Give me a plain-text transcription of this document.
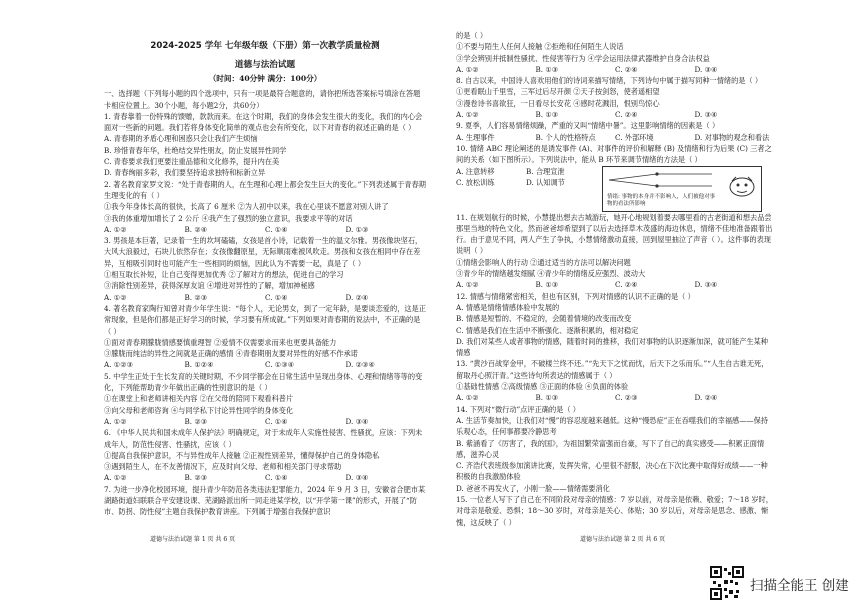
2024-2025 学年 七年级年级（下册）第一次教学质量检测
道德与法治试题
（时间：40分钟 满分：100分）

一、选择题（下列每小题的四个选项中，只有一项是最符合题意的，请你把所选答案标号填涂在答题卡相应位置上。30个小题，每小题2分，共60分）

1. 青春靠着一份特殊的馈赠，款款而来。在这个时期，我们的身体会发生很大的变化，我们的内心会面对一些新的问题。我们若将身体变化简单的观点也会有所变化，以下对青春的叙述正确的是（ ）

A. 青春期的矛盾心理和困惑只会让我们产生烦恼

B. 珍惜青春年华，杜绝结交异性朋友，防止发展异性同学

C. 青春要求我们更要注重品德和文化修养，提升内在美

D. 青春绚丽多彩，我们要坚持追求独特和标新立异

2. 著名教育家罗文说：“处于青春期的人，在生理和心理上都会发生巨大的变化。”下列表述属于青春期生理变化的有（ ）

①我今年身体长高的很快，长高了 6 厘米 ②为人初中以来，我在心里谈不愿意对别人讲了

③我的体重增加增长了 2 公斤 ④我产生了强烈的独立意识，我要求平等的对话

A. ①②	B. ②④	C. ①④	D. ①③

3. 男孩是本巨著，记录着一生的坎坷磕磕，女孩是首小诗，记载着一生的温文尔雅。男孩像块坚石，大风大浪毅过，石块儿依然存在；女孩像翻原星，无际顺雨难被风吹走。男孩和女孩在相同中存在差异，互相吸引同时也可能产生一些相同的烦恼，因此认为不需要一起，真是了（ ）

①相互取长补短，让自己变得更加优秀 ②了解对方的想法，促进自己的学习

③消除性别差异，获得深厚友谊 ④增进对异性的了解，增加神秘感

A. ①②	B. ②③	C. ①④	D. ②④

4. 著名教育家陶行知曾对青少年学生说：“每个人，无论男女，到了一定年龄，是要谈恋爱的，这是正常现象，但是你们都是正好学习的时候，学习要有所成就。”下列如果对青春期的说法中，不正确的是（ ）

①面对青春期朦胧情感要慎重理智 ②爱情不仅需要求而来也更要具备能力

③朦胧而纯洁的异性之间就是正确的感情 ④青春期朋友要对异性的好感不作承诺

A. ①②③	B. ①②④	C. ①③④	D. ②③④

5. 中学生正处于生长发育的关键时期，不少同学都会在日常生活中呈现出身体、心理和情绪等等的变化，下列能帮助青少年做出正确的性别意识的是（ ）

①在课堂上和老师讲相关内容 ②在父母的陪同下观看科普片

③向父母和老师咨询 ④与同学私下讨论异性同学的身体变化

A. ①②	B. ②③	C. ①④	D. ③④

6. 《中华人民共和国未成年人保护法》明确规定，对于未成年人实施性侵害、性骚扰，应该：下列未成年人，防范性侵害、性骚扰，应该（ ）

①提高自我保护意识，不与异性成年人接触 ②正视性别差异，懂得保护自己的身体隐私

③遇到陌生人，在不友善情况下，应及时向父母、老师和相关部门寻求帮助

A. ①②	B. ②③	C. ①④	D. ③④

7. 为进一步净化校园环境，提升青少年防范各类违法犯罪能力，2024 年 9 月 3 日，安徽省合肥市某湖路街道妇联联合平安建设课、芜湖路派出所一同走进某学校，以“开学第一课”的形式，开展了“防市、防拐、防性侵”主题自我保护教育讲座。下列属于增强自我保护意识

的是（ ）

①不要与陌生人任何人接触 ②拒绝和任何陌生人说话

③学会辨别并抵制性骚扰、性侵害等行为 ④学会运用法律武器维护自身合法权益

A. ①②	B. ①③	C. ②④	D. ③④

8. 自古以来，中国诗人喜欢用他们的诗词来描写情绪，下列诗句中属于描写同种一情绪的是（ ）

①更看眠山千里雪，三军过后尽开颜 ②天子按剑怒，使者遥相望

③漫卷诗书喜欲狂，一日看尽长安花 ④感时花溅泪，恨别鸟惊心

A. ①②	B. ①③	C. ②④	D. ③④

9. 夏季，人们容易情绪烦躁，严重的又叫“情绪中暑”。这里影响情绪的因素是（ ）

A. 生理事件	B. 个人的性格特点	C. 外部环境	D. 对事物的观念和看法

10. 情绪 ABC 理论阐述的是诱发事件 (A)、对事件的评价和解释 (B) 及情绪和行为后果 (C) 三者之间的关系（如下图所示）。下列说法中，能从 B 环节来调节情绪的方法是（ ）

A. 注意转移	B. 合理宣泄
C. 放松训练	D. 认知调节
情绪: 事物的本身并不影响人，人们被他对事物的看法所影响

11. 在规划航行的时候，小慧提出想去古城游玩，她开心地规划着要去哪里看的古老街道和想去品尝那里当地的特色文化，然而爸爸却希望到了以后去选择草木茂盛的海边休息，情绪不佳地准备跟着出行。由于意见不同，两人产生了争执，小慧情绪激动直接，回到屋里抽泣了声音（ ）。这件事的表现说明（ ）

①情绪会影响人的行动 ②通过适当的方法可以解决问题

③青少年的情绪越发细腻 ④青少年的情绪反应强烈、波动大

A. ①②	B. ①③	C. ②④	D. ③④

12. 情感与情绪紧密相关，但也有区别，下列对情感的认识不正确的是（ ）

A. 情感是情绪情感体验中发展的

B. 情感是短暂的、不稳定的，会随着情境的改变而改变

C. 情感是我们在生活中不断强化、逐渐积累的，相对稳定

D. 我们对某些人或者事物的情感，随着时间的推移，我们对事物的认识逐渐加深，就可能产生某种情感

13. “黄沙百战穿金甲，不破楼兰终不还。”“先天下之忧而忧，后天下之乐而乐。”“人生自古谁无死，留取丹心照汗青。”这些诗句所表达的情感属于（ ）

①基础性情感 ②高级情感 ③正面的体验 ④负面的体验

A. ①②	B. ①③	C. ②③	D. ②④

14. 下列对“微行动”点评正确的是（ ）

A. 生活节奏加快，让我们对“慢”的容忍度越来越低。这种“慢恐症”正在吞噬我们的幸福感——保持乐观心态，任何事都要冷静思考

B. 紫涵看了《厉害了，我的国》，为祖国繁荣富强而自豪，写下了自己的真实感受——积累正面情感，滋养心灵

C. 齐浩代表班级参加演讲比赛，发挥失常，心里很不舒服，决心在下次比赛中取得好成绩——一种积极的自我激励体验

D. 爸爸不再发火了，小刚一脸——情绪需要消化

15. 一位老人写下了自己在不同阶段对母亲的情感：7 岁以前，对母亲是依赖、敬爱；7～18 岁时，对母亲是敬爱、恐惧；18～30 岁时，对母亲是关心、体贴；30 岁以后，对母亲是思念、感激、惭愧，这反映了（ ）

道德与法治试题 第 1 页 共 6 页	道德与法治试题 第 2 页 共 6 页
扫描全能王 创建
